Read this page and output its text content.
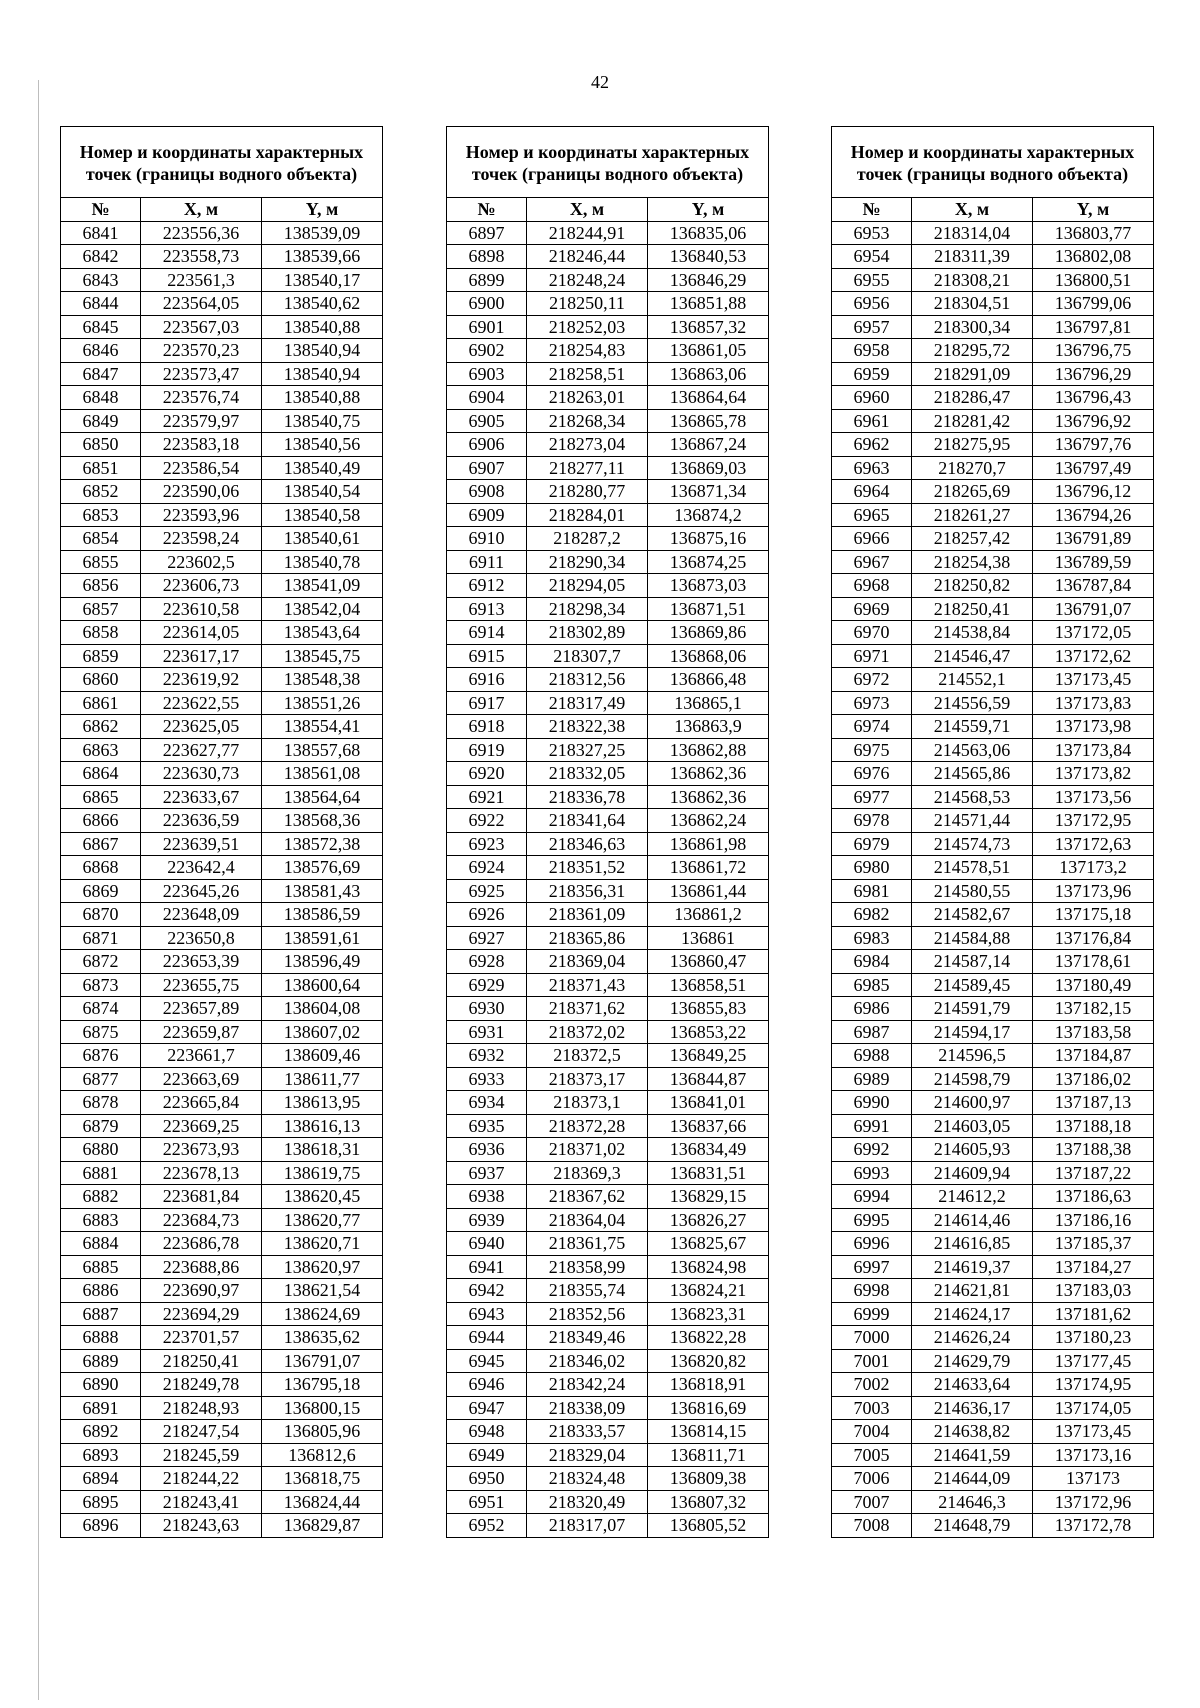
42
Номер и координаты характерных точек (границы водного объекта)		
№	X, м	Y, м
6841	223556,36	138539,09
6842	223558,73	138539,66
6843	223561,3	138540,17
6844	223564,05	138540,62
6845	223567,03	138540,88
6846	223570,23	138540,94
6847	223573,47	138540,94
6848	223576,74	138540,88
6849	223579,97	138540,75
6850	223583,18	138540,56
6851	223586,54	138540,49
6852	223590,06	138540,54
6853	223593,96	138540,58
6854	223598,24	138540,61
6855	223602,5	138540,78
6856	223606,73	138541,09
6857	223610,58	138542,04
6858	223614,05	138543,64
6859	223617,17	138545,75
6860	223619,92	138548,38
6861	223622,55	138551,26
6862	223625,05	138554,41
6863	223627,77	138557,68
6864	223630,73	138561,08
6865	223633,67	138564,64
6866	223636,59	138568,36
6867	223639,51	138572,38
6868	223642,4	138576,69
6869	223645,26	138581,43
6870	223648,09	138586,59
6871	223650,8	138591,61
6872	223653,39	138596,49
6873	223655,75	138600,64
6874	223657,89	138604,08
6875	223659,87	138607,02
6876	223661,7	138609,46
6877	223663,69	138611,77
6878	223665,84	138613,95
6879	223669,25	138616,13
6880	223673,93	138618,31
6881	223678,13	138619,75
6882	223681,84	138620,45
6883	223684,73	138620,77
6884	223686,78	138620,71
6885	223688,86	138620,97
6886	223690,97	138621,54
6887	223694,29	138624,69
6888	223701,57	138635,62
6889	218250,41	136791,07
6890	218249,78	136795,18
6891	218248,93	136800,15
6892	218247,54	136805,96
6893	218245,59	136812,6
6894	218244,22	136818,75
6895	218243,41	136824,44
6896	218243,63	136829,87
Номер и координаты характерных точек (границы водного объекта)		
№	X, м	Y, м
6897	218244,91	136835,06
6898	218246,44	136840,53
6899	218248,24	136846,29
6900	218250,11	136851,88
6901	218252,03	136857,32
6902	218254,83	136861,05
6903	218258,51	136863,06
6904	218263,01	136864,64
6905	218268,34	136865,78
6906	218273,04	136867,24
6907	218277,11	136869,03
6908	218280,77	136871,34
6909	218284,01	136874,2
6910	218287,2	136875,16
6911	218290,34	136874,25
6912	218294,05	136873,03
6913	218298,34	136871,51
6914	218302,89	136869,86
6915	218307,7	136868,06
6916	218312,56	136866,48
6917	218317,49	136865,1
6918	218322,38	136863,9
6919	218327,25	136862,88
6920	218332,05	136862,36
6921	218336,78	136862,36
6922	218341,64	136862,24
6923	218346,63	136861,98
6924	218351,52	136861,72
6925	218356,31	136861,44
6926	218361,09	136861,2
6927	218365,86	136861
6928	218369,04	136860,47
6929	218371,43	136858,51
6930	218371,62	136855,83
6931	218372,02	136853,22
6932	218372,5	136849,25
6933	218373,17	136844,87
6934	218373,1	136841,01
6935	218372,28	136837,66
6936	218371,02	136834,49
6937	218369,3	136831,51
6938	218367,62	136829,15
6939	218364,04	136826,27
6940	218361,75	136825,67
6941	218358,99	136824,98
6942	218355,74	136824,21
6943	218352,56	136823,31
6944	218349,46	136822,28
6945	218346,02	136820,82
6946	218342,24	136818,91
6947	218338,09	136816,69
6948	218333,57	136814,15
6949	218329,04	136811,71
6950	218324,48	136809,38
6951	218320,49	136807,32
6952	218317,07	136805,52
Номер и координаты характерных точек (границы водного объекта)		
№	X, м	Y, м
6953	218314,04	136803,77
6954	218311,39	136802,08
6955	218308,21	136800,51
6956	218304,51	136799,06
6957	218300,34	136797,81
6958	218295,72	136796,75
6959	218291,09	136796,29
6960	218286,47	136796,43
6961	218281,42	136796,92
6962	218275,95	136797,76
6963	218270,7	136797,49
6964	218265,69	136796,12
6965	218261,27	136794,26
6966	218257,42	136791,89
6967	218254,38	136789,59
6968	218250,82	136787,84
6969	218250,41	136791,07
6970	214538,84	137172,05
6971	214546,47	137172,62
6972	214552,1	137173,45
6973	214556,59	137173,83
6974	214559,71	137173,98
6975	214563,06	137173,84
6976	214565,86	137173,82
6977	214568,53	137173,56
6978	214571,44	137172,95
6979	214574,73	137172,63
6980	214578,51	137173,2
6981	214580,55	137173,96
6982	214582,67	137175,18
6983	214584,88	137176,84
6984	214587,14	137178,61
6985	214589,45	137180,49
6986	214591,79	137182,15
6987	214594,17	137183,58
6988	214596,5	137184,87
6989	214598,79	137186,02
6990	214600,97	137187,13
6991	214603,05	137188,18
6992	214605,93	137188,38
6993	214609,94	137187,22
6994	214612,2	137186,63
6995	214614,46	137186,16
6996	214616,85	137185,37
6997	214619,37	137184,27
6998	214621,81	137183,03
6999	214624,17	137181,62
7000	214626,24	137180,23
7001	214629,79	137177,45
7002	214633,64	137174,95
7003	214636,17	137174,05
7004	214638,82	137173,45
7005	214641,59	137173,16
7006	214644,09	137173
7007	214646,3	137172,96
7008	214648,79	137172,78
